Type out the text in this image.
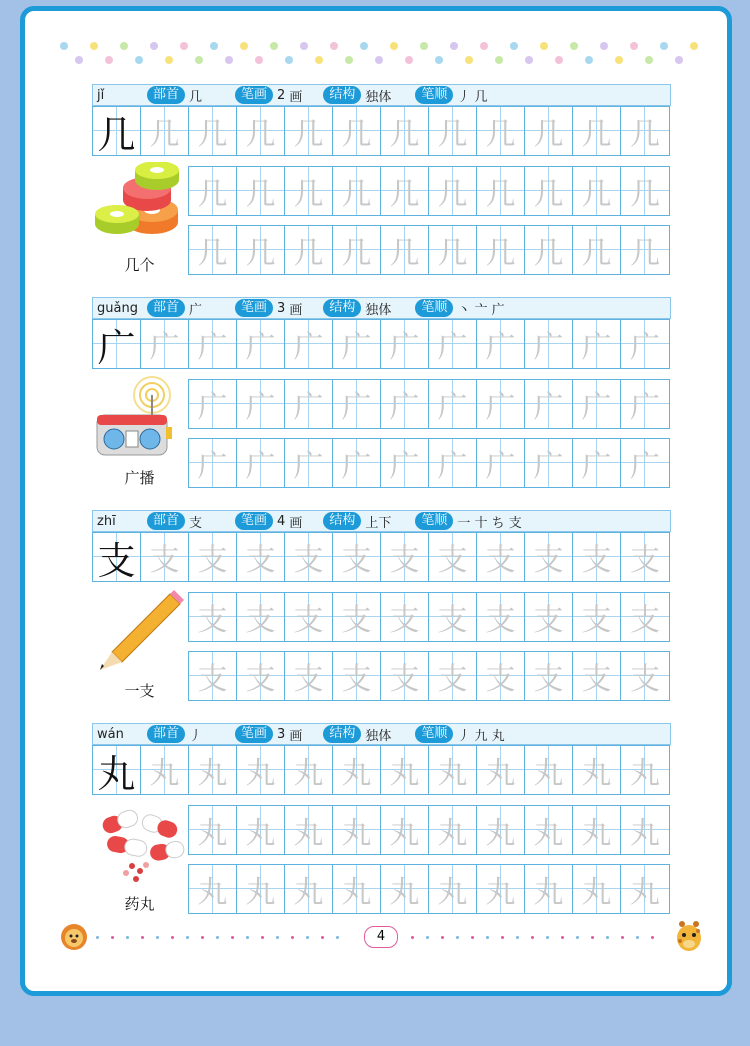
jǐ	部首 几	笔画 2 画	结构 独体	笔顺 丿 几
几 几 几 几 几 几 几 几 几 几 几 几
几个
几 几 几 几 几 几 几 几 几 几
几 几 几 几 几 几 几 几 几 几
guǎng	部首 广	笔画 3 画	结构 独体	笔顺 丶 亠 广
广 广 广 广 广 广 广 广 广 广 广 广
广播
广 广 广 广 广 广 广 广 广 广
广 广 广 广 广 广 广 广 广 广
zhī	部首 支	笔画 4 画	结构 上下	笔顺 一 十 ち 支
支 支 支 支 支 支 支 支 支 支 支 支
一支
支 支 支 支 支 支 支 支 支 支
支 支 支 支 支 支 支 支 支 支
wán	部首 丿	笔画 3 画	结构 独体	笔顺 丿 九 丸
丸 丸 丸 丸 丸 丸 丸 丸 丸 丸 丸 丸
药丸
丸 丸 丸 丸 丸 丸 丸 丸 丸 丸
丸 丸 丸 丸 丸 丸 丸 丸 丸 丸
4
